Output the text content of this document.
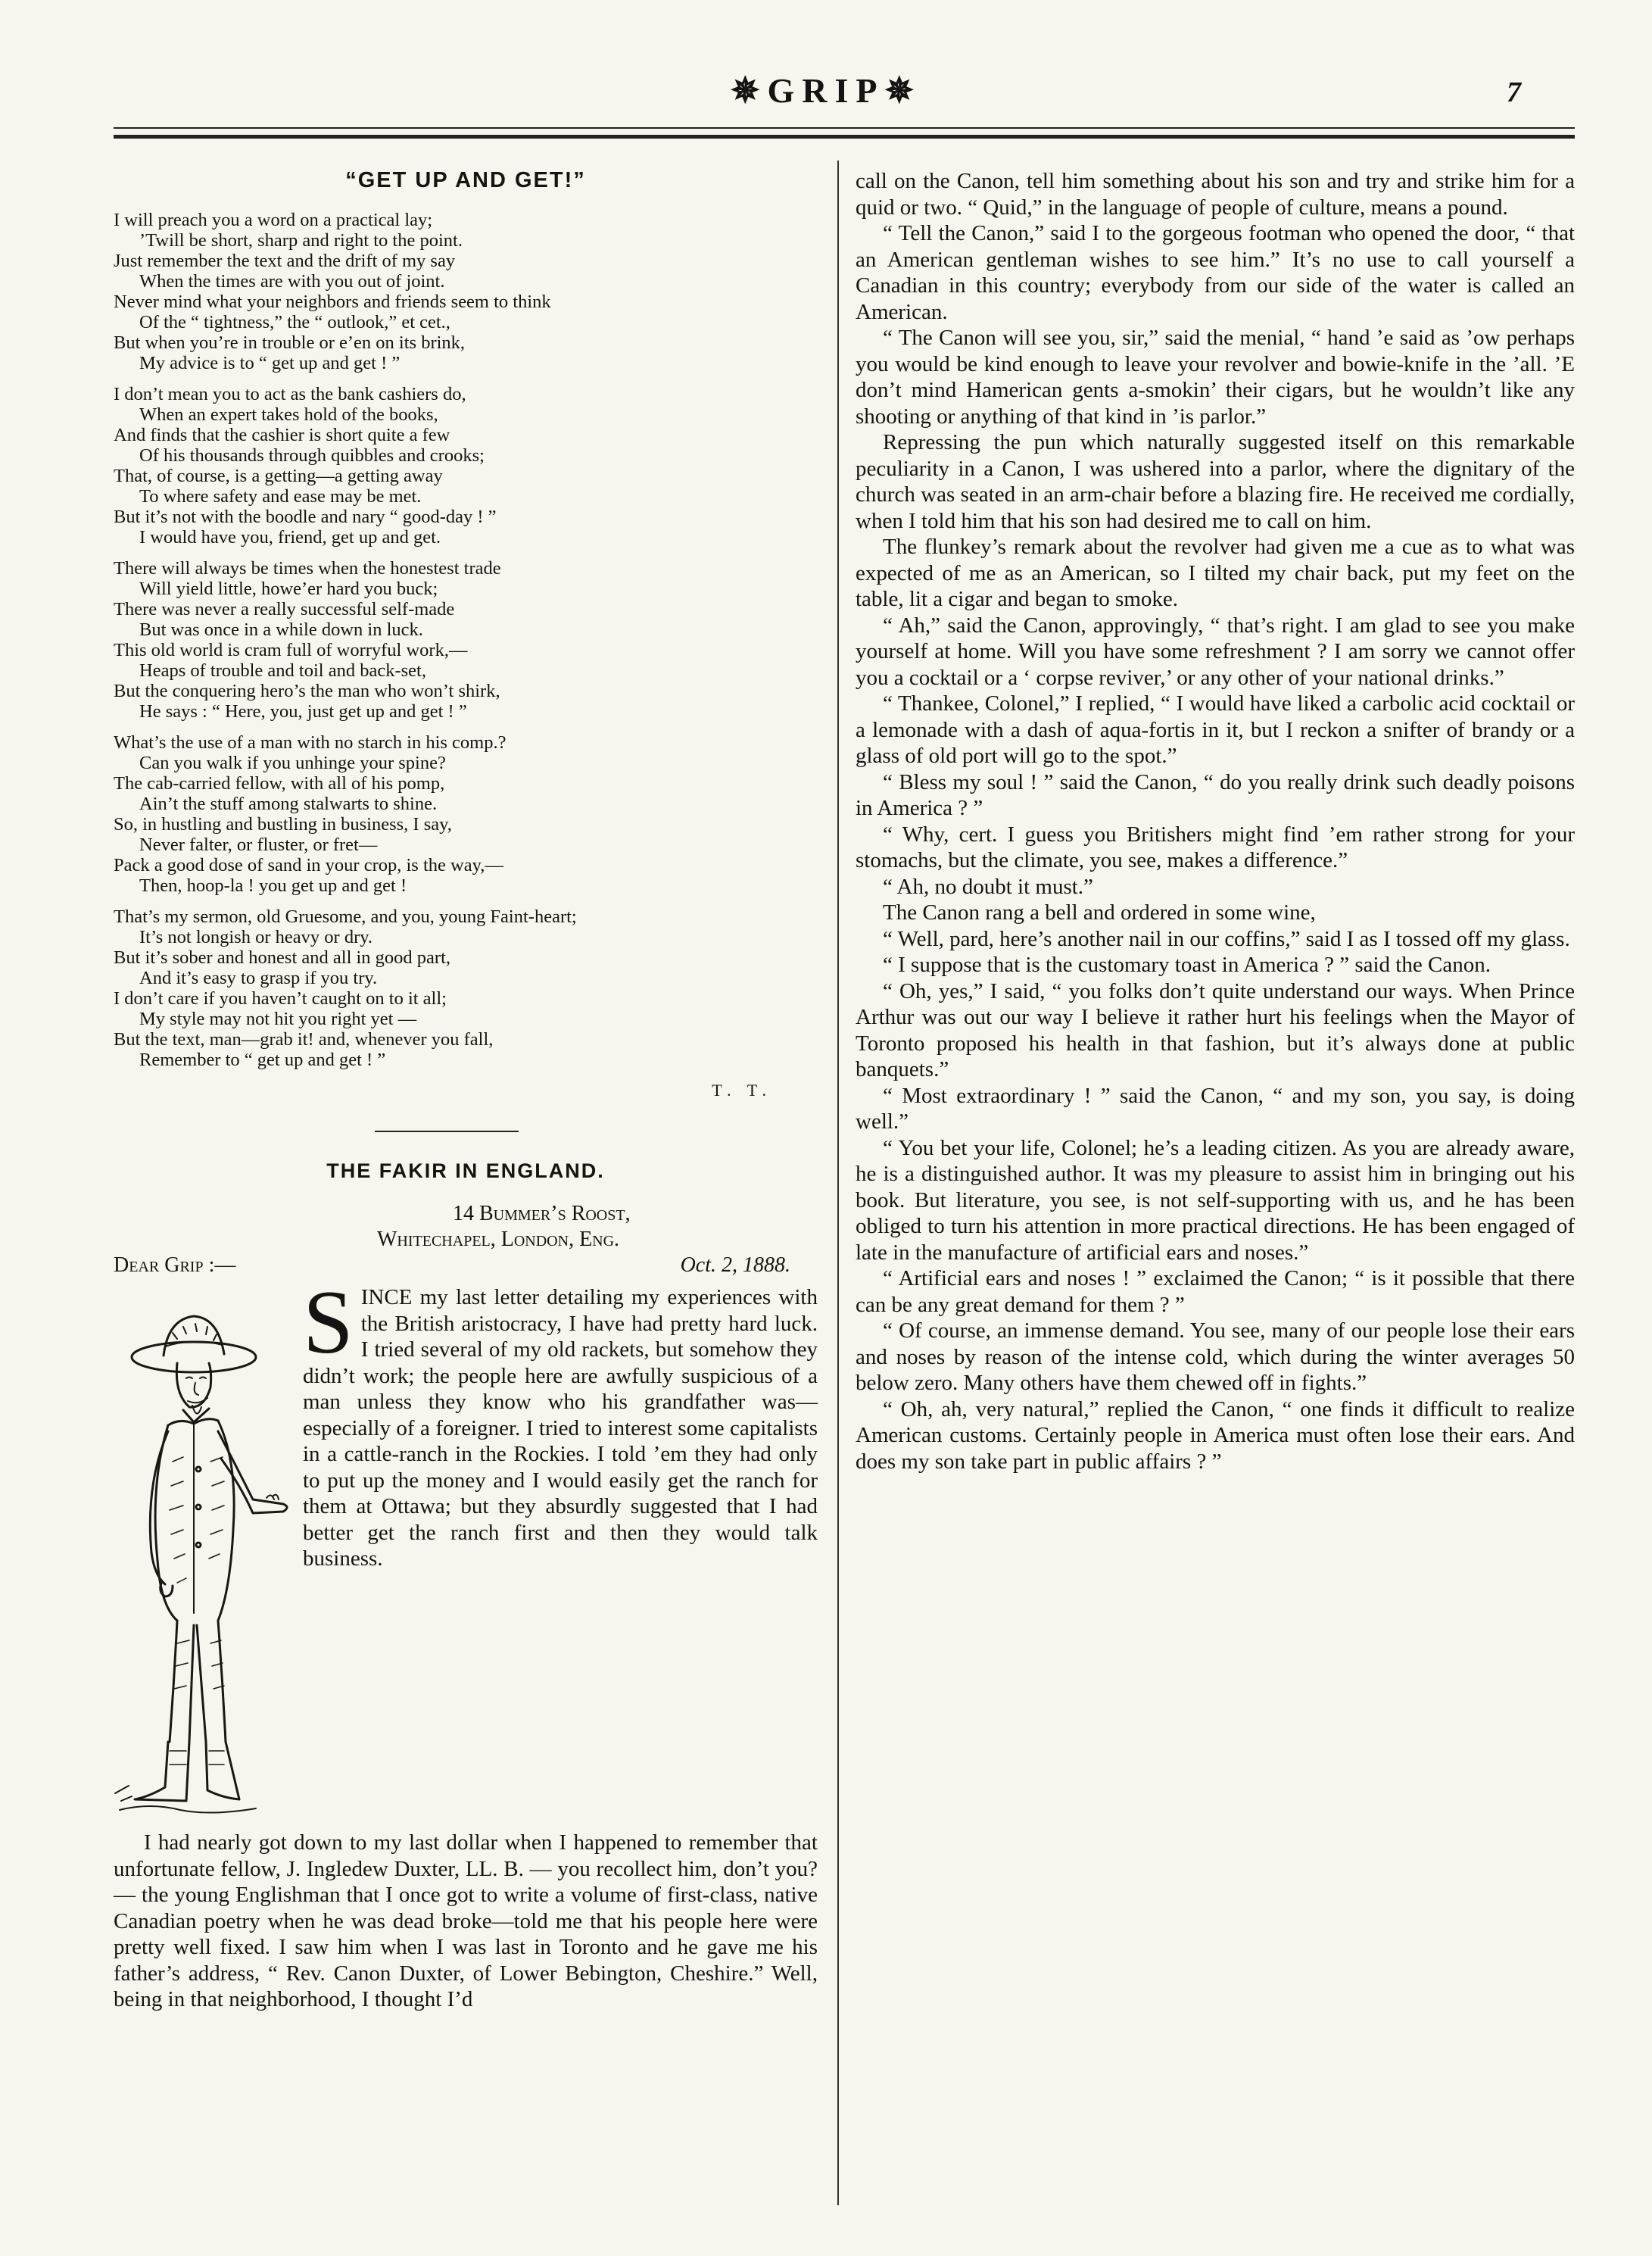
✵GRIP✵	7
“GET UP AND GET!”
I will preach you a word on a practical lay;
’Twill be short, sharp and right to the point.
Just remember the text and the drift of my say
When the times are with you out of joint.
Never mind what your neighbors and friends seem to think
Of the “ tightness,” the “ outlook,” et cet.,
But when you’re in trouble or e’en on its brink,
My advice is to “ get up and get ! ”
I don’t mean you to act as the bank cashiers do,
When an expert takes hold of the books,
And finds that the cashier is short quite a few
Of his thousands through quibbles and crooks;
That, of course, is a getting—a getting away
To where safety and ease may be met.
But it’s not with the boodle and nary “ good-day ! ”
I would have you, friend, get up and get.
There will always be times when the honestest trade
Will yield little, howe’er hard you buck;
There was never a really successful self-made
But was once in a while down in luck.
This old world is cram full of worryful work,—
Heaps of trouble and toil and back-set,
But the conquering hero’s the man who won’t shirk,
He says : “ Here, you, just get up and get ! ”
What’s the use of a man with no starch in his comp.?
Can you walk if you unhinge your spine?
The cab-carried fellow, with all of his pomp,
Ain’t the stuff among stalwarts to shine.
So, in hustling and bustling in business, I say,
Never falter, or fluster, or fret—
Pack a good dose of sand in your crop, is the way,—
Then, hoop-la ! you get up and get !
That’s my sermon, old Gruesome, and you, young Faint-heart;
It’s not longish or heavy or dry.
But it’s sober and honest and all in good part,
And it’s easy to grasp if you try.
I don’t care if you haven’t caught on to it all;
My style may not hit you right yet —
But the text, man—grab it! and, whenever you fall,
Remember to “ get up and get ! ”
T. T.
THE FAKIR IN ENGLAND.
14 Bummer’s Roost,
Whitechapel, London, Eng.
Dear Grip :—	Oct. 2, 1888.
S INCE my last letter detailing my experiences with the British aristocracy, I have had pretty hard luck. I tried several of my old rackets, but somehow they didn’t work; the people here are awfully suspicious of a man unless they know who his grandfather was—especially of a foreigner. I tried to interest some capitalists in a cattle-ranch in the Rockies. I told ’em they had only to put up the money and I would easily get the ranch for them at Ottawa; but they absurdly suggested that I had better get the ranch first and then they would talk business.

I had nearly got down to my last dollar when I happened to remember that unfortunate fellow, J. Ingledew Duxter, LL. B. — you recollect him, don’t you? — the young Englishman that I once got to write a volume of first-class, native Canadian poetry when he was dead broke—told me that his people here were pretty well fixed. I saw him when I was last in Toronto and he gave me his father’s address, “ Rev. Canon Duxter, of Lower Bebington, Cheshire.” Well, being in that neighborhood, I thought I’d

call on the Canon, tell him something about his son and try and strike him for a quid or two. “ Quid,” in the language of people of culture, means a pound.

“ Tell the Canon,” said I to the gorgeous footman who opened the door, “ that an American gentleman wishes to see him.” It’s no use to call yourself a Canadian in this country; everybody from our side of the water is called an American.

“ The Canon will see you, sir,” said the menial, “ hand ’e said as ’ow perhaps you would be kind enough to leave your revolver and bowie-knife in the ’all. ’E don’t mind Hamerican gents a-smokin’ their cigars, but he wouldn’t like any shooting or anything of that kind in ’is parlor.”

Repressing the pun which naturally suggested itself on this remarkable peculiarity in a Canon, I was ushered into a parlor, where the dignitary of the church was seated in an arm-chair before a blazing fire. He received me cordially, when I told him that his son had desired me to call on him.

The flunkey’s remark about the revolver had given me a cue as to what was expected of me as an American, so I tilted my chair back, put my feet on the table, lit a cigar and began to smoke.

“ Ah,” said the Canon, approvingly, “ that’s right. I am glad to see you make yourself at home. Will you have some refreshment ? I am sorry we cannot offer you a cocktail or a ‘ corpse reviver,’ or any other of your national drinks.”

“ Thankee, Colonel,” I replied, “ I would have liked a carbolic acid cocktail or a lemonade with a dash of aqua-fortis in it, but I reckon a snifter of brandy or a glass of old port will go to the spot.”

“ Bless my soul ! ” said the Canon, “ do you really drink such deadly poisons in America ? ”

“ Why, cert. I guess you Britishers might find ’em rather strong for your stomachs, but the climate, you see, makes a difference.”

“ Ah, no doubt it must.”

The Canon rang a bell and ordered in some wine,

“ Well, pard, here’s another nail in our coffins,” said I as I tossed off my glass.

“ I suppose that is the customary toast in America ? ” said the Canon.

“ Oh, yes,” I said, “ you folks don’t quite understand our ways. When Prince Arthur was out our way I believe it rather hurt his feelings when the Mayor of Toronto proposed his health in that fashion, but it’s always done at public banquets.”

“ Most extraordinary ! ” said the Canon, “ and my son, you say, is doing well.”

“ You bet your life, Colonel; he’s a leading citizen. As you are already aware, he is a distinguished author. It was my pleasure to assist him in bringing out his book. But literature, you see, is not self-supporting with us, and he has been obliged to turn his attention in more practical directions. He has been engaged of late in the manufacture of artificial ears and noses.”

“ Artificial ears and noses ! ” exclaimed the Canon; “ is it possible that there can be any great demand for them ? ”

“ Of course, an immense demand. You see, many of our people lose their ears and noses by reason of the intense cold, which during the winter averages 50 below zero. Many others have them chewed off in fights.”

“ Oh, ah, very natural,” replied the Canon, “ one finds it difficult to realize American customs. Certainly people in America must often lose their ears. And does my son take part in public affairs ? ”
